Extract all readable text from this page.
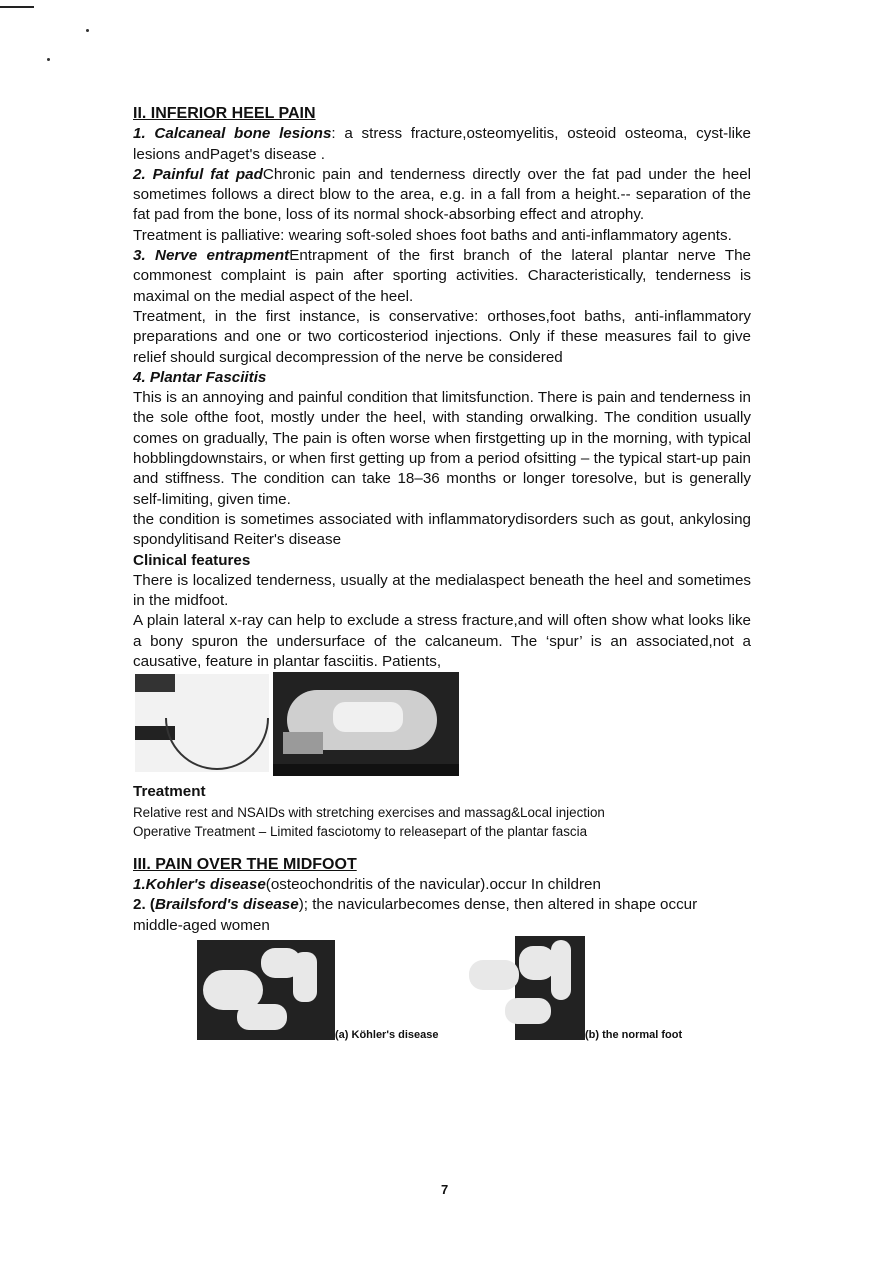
II. INFERIOR HEEL PAIN

1. Calcaneal bone lesions: a stress fracture,osteomyelitis, osteoid osteoma, cyst-like lesions andPaget's disease .

2. Painful fat padChronic pain and tenderness directly over the fat pad under the heel sometimes follows a direct blow to the area, e.g. in a fall from a height.-- separation of the fat pad from the bone, loss of its normal shock-absorbing effect and atrophy.

Treatment is palliative: wearing soft-soled shoes foot baths and anti-inflammatory agents.

3. Nerve entrapmentEntrapment of the first branch of the lateral plantar nerve The commonest complaint is pain after sporting activities. Characteristically, tenderness is maximal on the medial aspect of the heel.

Treatment, in the first instance, is conservative: orthoses,foot baths, anti-inflammatory preparations and one or two corticosteriod injections. Only if these measures fail to give relief should surgical decompression of the nerve be considered

4. Plantar Fasciitis

This is an annoying and painful condition that limitsfunction. There is pain and tenderness in the sole ofthe foot, mostly under the heel, with standing orwalking. The condition usually comes on gradually, The pain is often worse when firstgetting up in the morning, with typical hobblingdownstairs, or when first getting up from a period ofsitting – the typical start-up pain and stiffness. The condition can take 18–36 months or longer toresolve, but is generally self-limiting, given time.

the condition is sometimes associated with inflammatorydisorders such as gout, ankylosing spondylitisand Reiter's disease

Clinical features

There is localized tenderness, usually at the medialaspect beneath the heel and sometimes in the midfoot.

A plain lateral x-ray can help to exclude a stress fracture,and will often show what looks like a bony spuron the undersurface of the calcaneum. The ‘spur’ is an associated,not a causative, feature in plantar fasciitis. Patients,

Treatment

Relative rest and NSAIDs with stretching exercises and massag&Local injection

Operative Treatment – Limited fasciotomy to releasepart of the plantar fascia

III. PAIN OVER THE MIDFOOT

1.Kohler's disease(osteochondritis of the navicular).occur In children

2. (Brailsford's disease); the navicularbecomes dense, then altered in shape occur middle-aged women

(a) Köhler's disease	(b) the normal foot
7
